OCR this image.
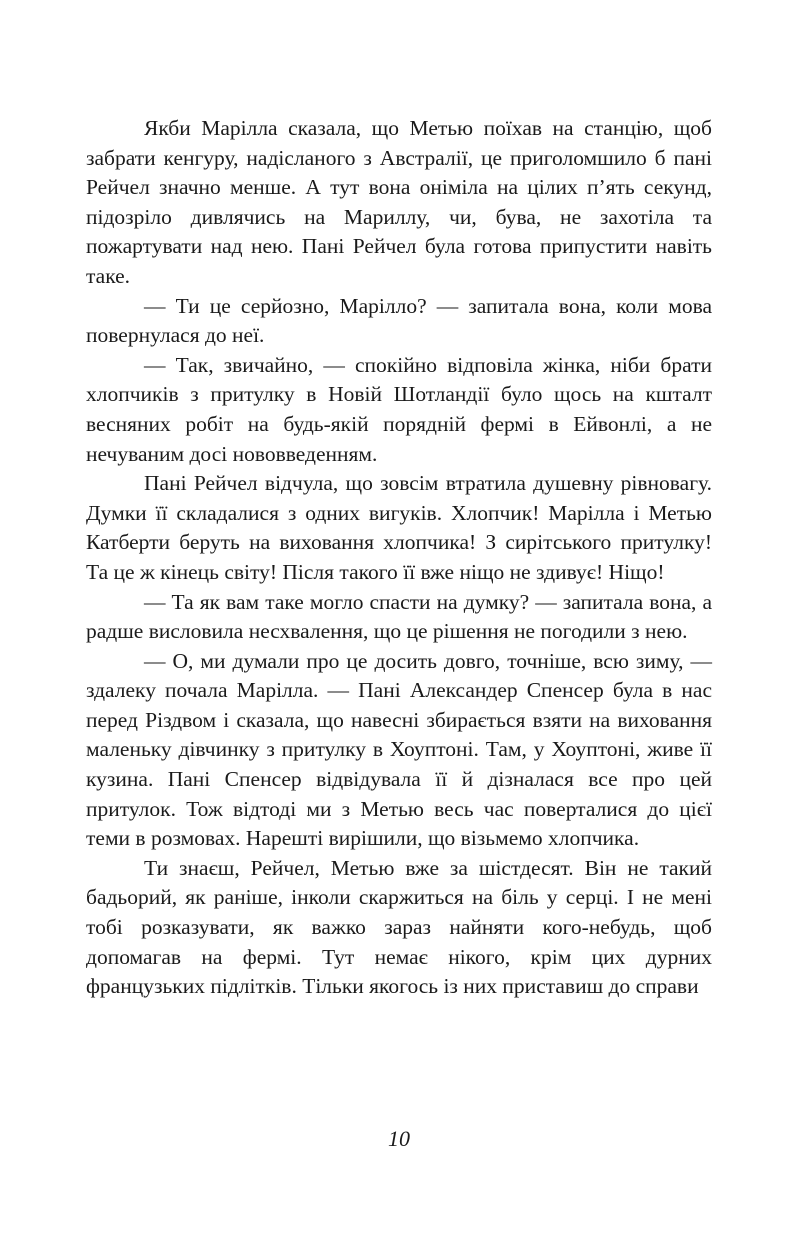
Якби Марілла сказала, що Метью поїхав на станцію, щоб забрати кенгуру, надісланого з Австралії, це приголомшило б пані Рейчел значно менше. А тут вона оніміла на цілих п’ять секунд, підозріло дивлячись на Мариллу, чи, бува, не захотіла та пожартувати над нею. Пані Рейчел була готова припустити навіть таке.

— Ти це серйозно, Марілло? — запитала вона, коли мова повернулася до неї.

— Так, звичайно, — спокійно відповіла жінка, ніби брати хлопчиків з притулку в Новій Шотландії було щось на кшталт весняних робіт на будь-якій порядній фермі в Ейвонлі, а не нечуваним досі нововведенням.

Пані Рейчел відчула, що зовсім втратила душевну рівновагу. Думки її складалися з одних вигуків. Хлопчик! Марілла і Метью Катберти беруть на виховання хлопчика! З сирітського притулку! Та це ж кінець світу! Після такого її вже ніщо не здивує! Ніщо!

— Та як вам таке могло спасти на думку? — запитала вона, а радше висловила несхвалення, що це рішення не погодили з нею.

— О, ми думали про це досить довго, точніше, всю зиму, — здалеку почала Марілла. — Пані Александер Спенсер була в нас перед Різдвом і сказала, що навесні збирається взяти на виховання маленьку дівчинку з притулку в Хоуптоні. Там, у Хоуптоні, живе її кузина. Пані Спенсер відвідувала її й дізналася все про цей притулок. Тож відтоді ми з Метью весь час поверталися до цієї теми в розмовах. Нарешті вирішили, що візьмемо хлопчика.

Ти знаєш, Рейчел, Метью вже за шістдесят. Він не такий бадьорий, як раніше, інколи скаржиться на біль у серці. І не мені тобі розказувати, як важко зараз найняти кого-небудь, щоб допомагав на фермі. Тут немає нікого, крім цих дурних французьких підлітків. Тільки якогось із них приставиш до справи

10
